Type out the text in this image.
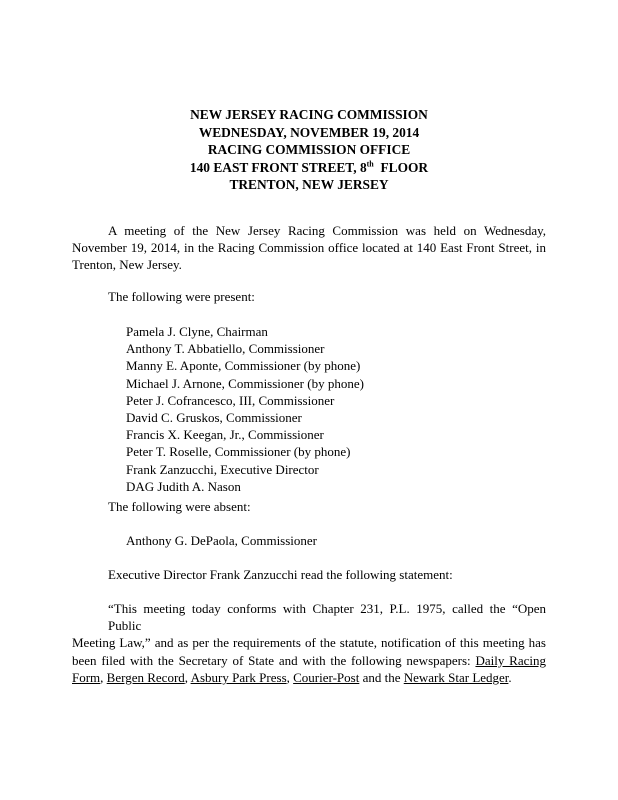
NEW JERSEY RACING COMMISSION
WEDNESDAY, NOVEMBER 19, 2014
RACING COMMISSION OFFICE
140 EAST FRONT STREET, 8th  FLOOR
TRENTON, NEW JERSEY
A meeting of the New Jersey Racing Commission was held on Wednesday,
November 19, 2014, in the Racing Commission office located at 140 East Front Street, in
Trenton, New Jersey.
The following were present:
Pamela J. Clyne, Chairman
Anthony T. Abbatiello, Commissioner
Manny E. Aponte, Commissioner (by phone)
Michael J. Arnone, Commissioner (by phone)
Peter J. Cofrancesco, III, Commissioner
David C. Gruskos, Commissioner
Francis X. Keegan, Jr., Commissioner
Peter T. Roselle, Commissioner (by phone)
Frank Zanzucchi, Executive Director
DAG Judith A. Nason
The following were absent:
Anthony G. DePaola, Commissioner
Executive Director Frank Zanzucchi read the following statement:
“This meeting today conforms with Chapter 231, P.L. 1975, called the “Open Public
Meeting Law,” and as per the requirements of the statute, notification of this meeting has
been filed with the Secretary of State and with the following newspapers: Daily Racing
Form, Bergen Record, Asbury Park Press, Courier-Post and the Newark Star Ledger.
